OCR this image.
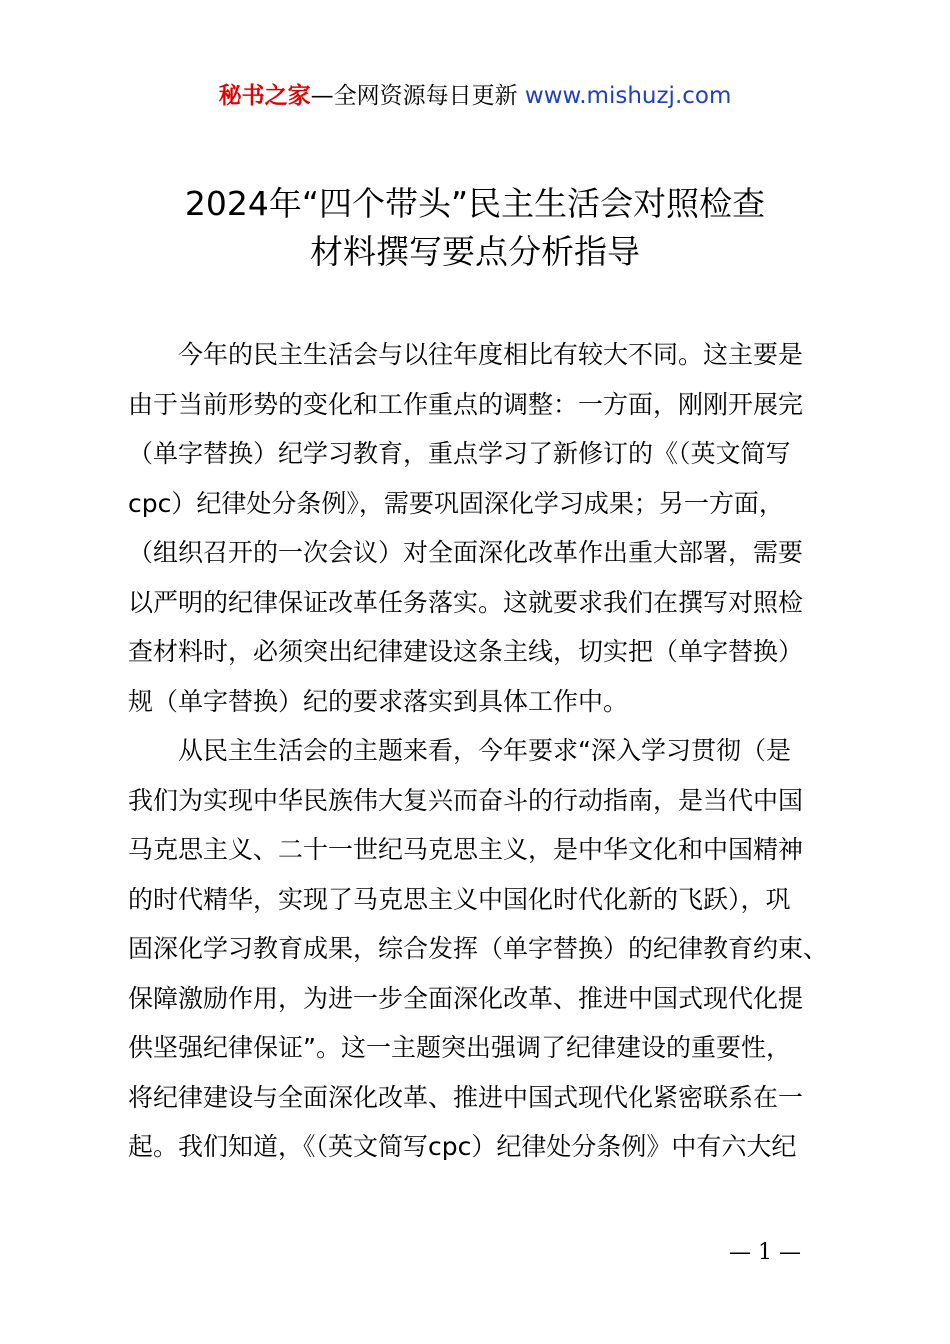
秘书之家—全网资源每日更新 www.mishuzj.com
2024年“四个带头”民主生活会对照检查
材料撰写要点分析指导
今年的民主生活会与以往年度相比有较大不同。这主要是
由于当前形势的变化和工作重点的调整：一方面，刚刚开展完
（单字替换）纪学习教育，重点学习了新修订的《（英文简写
cpc）纪律处分条例》，需要巩固深化学习成果；另一方面，
（组织召开的一次会议）对全面深化改革作出重大部署，需要
以严明的纪律保证改革任务落实。这就要求我们在撰写对照检
查材料时，必须突出纪律建设这条主线，切实把（单字替换）
规（单字替换）纪的要求落实到具体工作中。
从民主生活会的主题来看，今年要求“深入学习贯彻（是
我们为实现中华民族伟大复兴而奋斗的行动指南，是当代中国
马克思主义、二十一世纪马克思主义，是中华文化和中国精神
的时代精华，实现了马克思主义中国化时代化新的飞跃），巩
固深化学习教育成果，综合发挥（单字替换）的纪律教育约束、
保障激励作用，为进一步全面深化改革、推进中国式现代化提
供坚强纪律保证”。这一主题突出强调了纪律建设的重要性，
将纪律建设与全面深化改革、推进中国式现代化紧密联系在一
起。我们知道，《（英文简写cpc）纪律处分条例》中有六大纪
— 1 —
